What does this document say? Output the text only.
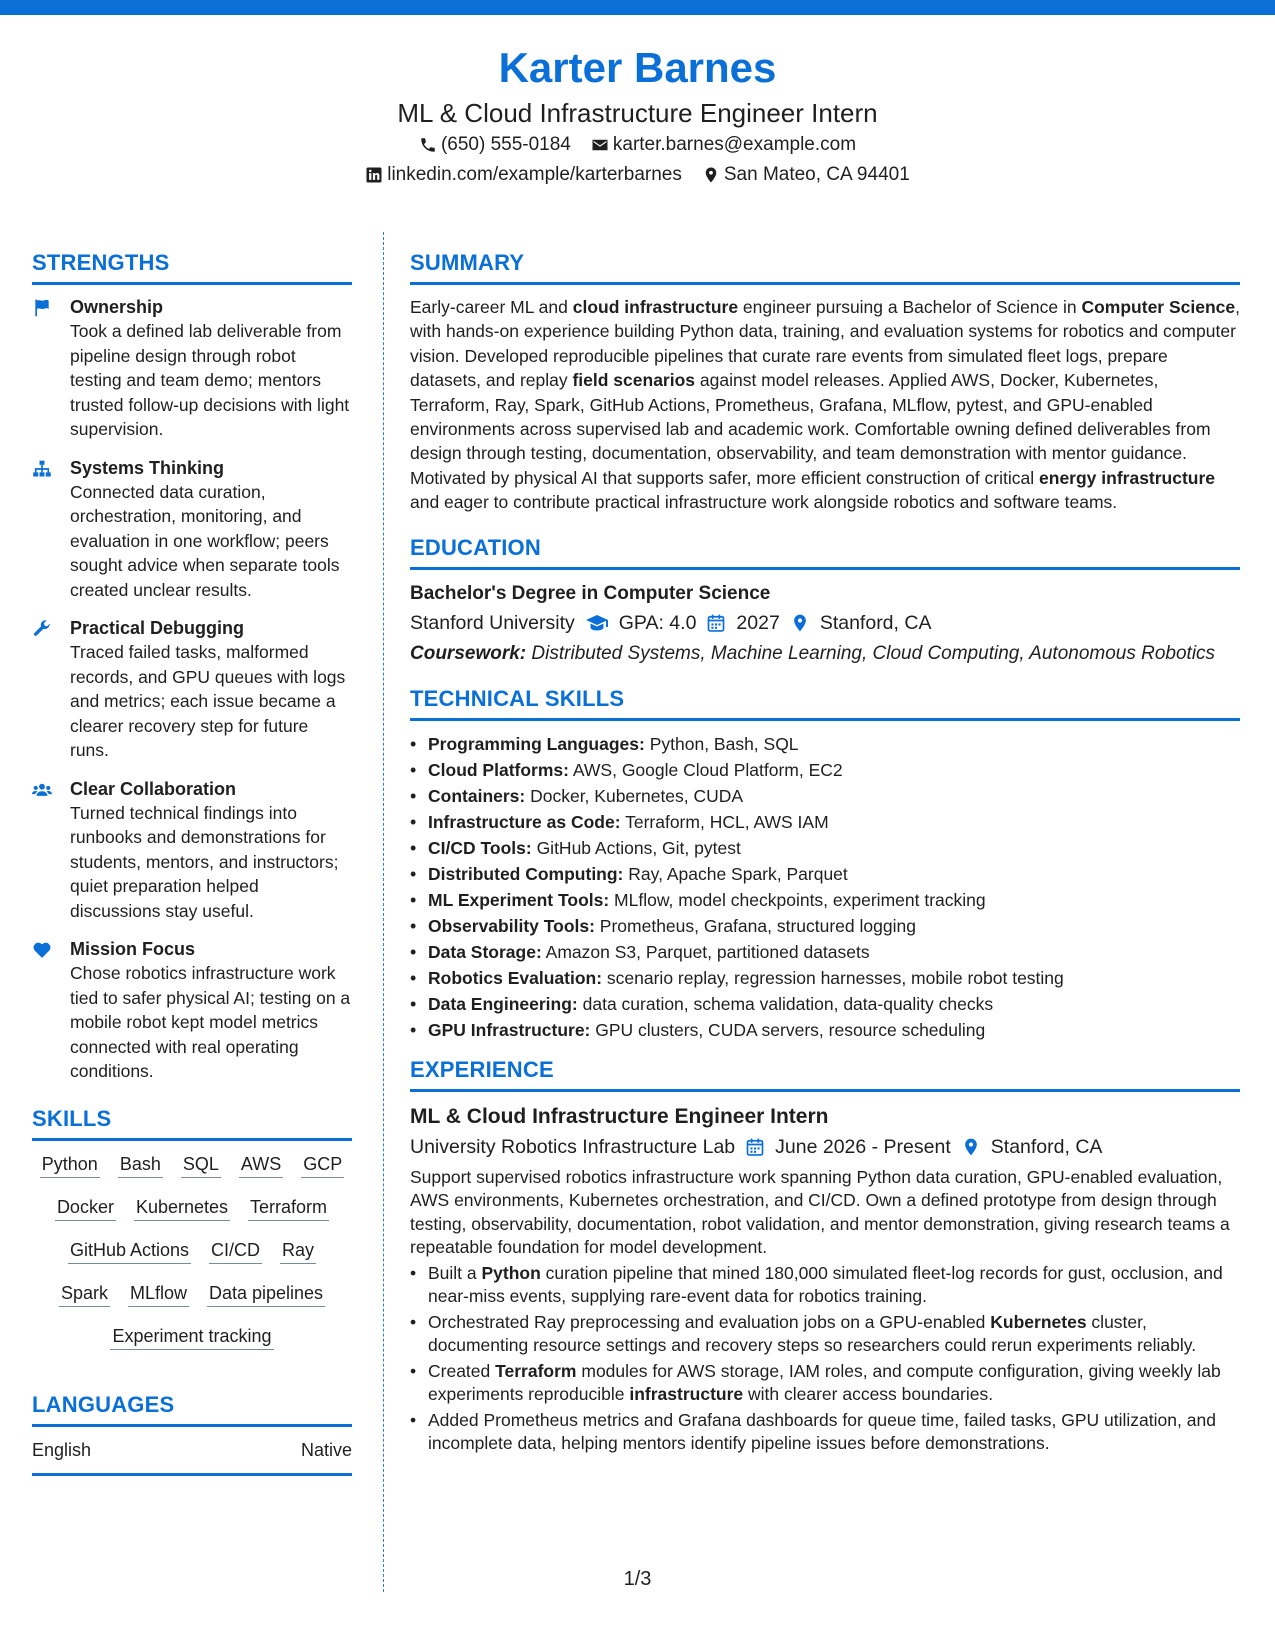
Karter Barnes
ML & Cloud Infrastructure Engineer Intern
(650) 555-0184 karter.barnes@example.com
linkedin.com/example/karterbarnes San Mateo, CA 94401
STRENGTHS
Ownership
Took a defined lab deliverable from pipeline design through robot testing and team demo; mentors trusted follow-up decisions with light supervision.
Systems Thinking
Connected data curation, orchestration, monitoring, and evaluation in one workflow; peers sought advice when separate tools created unclear results.
Practical Debugging
Traced failed tasks, malformed records, and GPU queues with logs and metrics; each issue became a clearer recovery step for future runs.
Clear Collaboration
Turned technical findings into runbooks and demonstrations for students, mentors, and instructors; quiet preparation helped discussions stay useful.
Mission Focus
Chose robotics infrastructure work tied to safer physical AI; testing on a mobile robot kept model metrics connected with real operating conditions.
SKILLS
Python Bash SQL AWS GCP
Docker Kubernetes Terraform
GitHub Actions CI/CD Ray
Spark MLflow Data pipelines
Experiment tracking
LANGUAGES
English	Native
SUMMARY
Early-career ML and cloud infrastructure engineer pursuing a Bachelor of Science in Computer Science, with hands-on experience building Python data, training, and evaluation systems for robotics and computer vision. Developed reproducible pipelines that curate rare events from simulated fleet logs, prepare datasets, and replay field scenarios against model releases. Applied AWS, Docker, Kubernetes, Terraform, Ray, Spark, GitHub Actions, Prometheus, Grafana, MLflow, pytest, and GPU-enabled environments across supervised lab and academic work. Comfortable owning defined deliverables from design through testing, documentation, observability, and team demonstration with mentor guidance. Motivated by physical AI that supports safer, more efficient construction of critical energy infrastructure and eager to contribute practical infrastructure work alongside robotics and software teams.
EDUCATION
Bachelor's Degree in Computer Science
Stanford University GPA: 4.0 2027 Stanford, CA
Coursework: Distributed Systems, Machine Learning, Cloud Computing, Autonomous Robotics
TECHNICAL SKILLS
• Programming Languages: Python, Bash, SQL
• Cloud Platforms: AWS, Google Cloud Platform, EC2
• Containers: Docker, Kubernetes, CUDA
• Infrastructure as Code: Terraform, HCL, AWS IAM
• CI/CD Tools: GitHub Actions, Git, pytest
• Distributed Computing: Ray, Apache Spark, Parquet
• ML Experiment Tools: MLflow, model checkpoints, experiment tracking
• Observability Tools: Prometheus, Grafana, structured logging
• Data Storage: Amazon S3, Parquet, partitioned datasets
• Robotics Evaluation: scenario replay, regression harnesses, mobile robot testing
• Data Engineering: data curation, schema validation, data-quality checks
• GPU Infrastructure: GPU clusters, CUDA servers, resource scheduling
EXPERIENCE
ML & Cloud Infrastructure Engineer Intern
University Robotics Infrastructure Lab June 2026 - Present Stanford, CA
Support supervised robotics infrastructure work spanning Python data curation, GPU-enabled evaluation, AWS environments, Kubernetes orchestration, and CI/CD. Own a defined prototype from design through testing, observability, documentation, robot validation, and mentor demonstration, giving research teams a repeatable foundation for model development.
• Built a Python curation pipeline that mined 180,000 simulated fleet-log records for gust, occlusion, and near-miss events, supplying rare-event data for robotics training.
• Orchestrated Ray preprocessing and evaluation jobs on a GPU-enabled Kubernetes cluster, documenting resource settings and recovery steps so researchers could rerun experiments reliably.
• Created Terraform modules for AWS storage, IAM roles, and compute configuration, giving weekly lab experiments reproducible infrastructure with clearer access boundaries.
• Added Prometheus metrics and Grafana dashboards for queue time, failed tasks, GPU utilization, and incomplete data, helping mentors identify pipeline issues before demonstrations.
1/3
